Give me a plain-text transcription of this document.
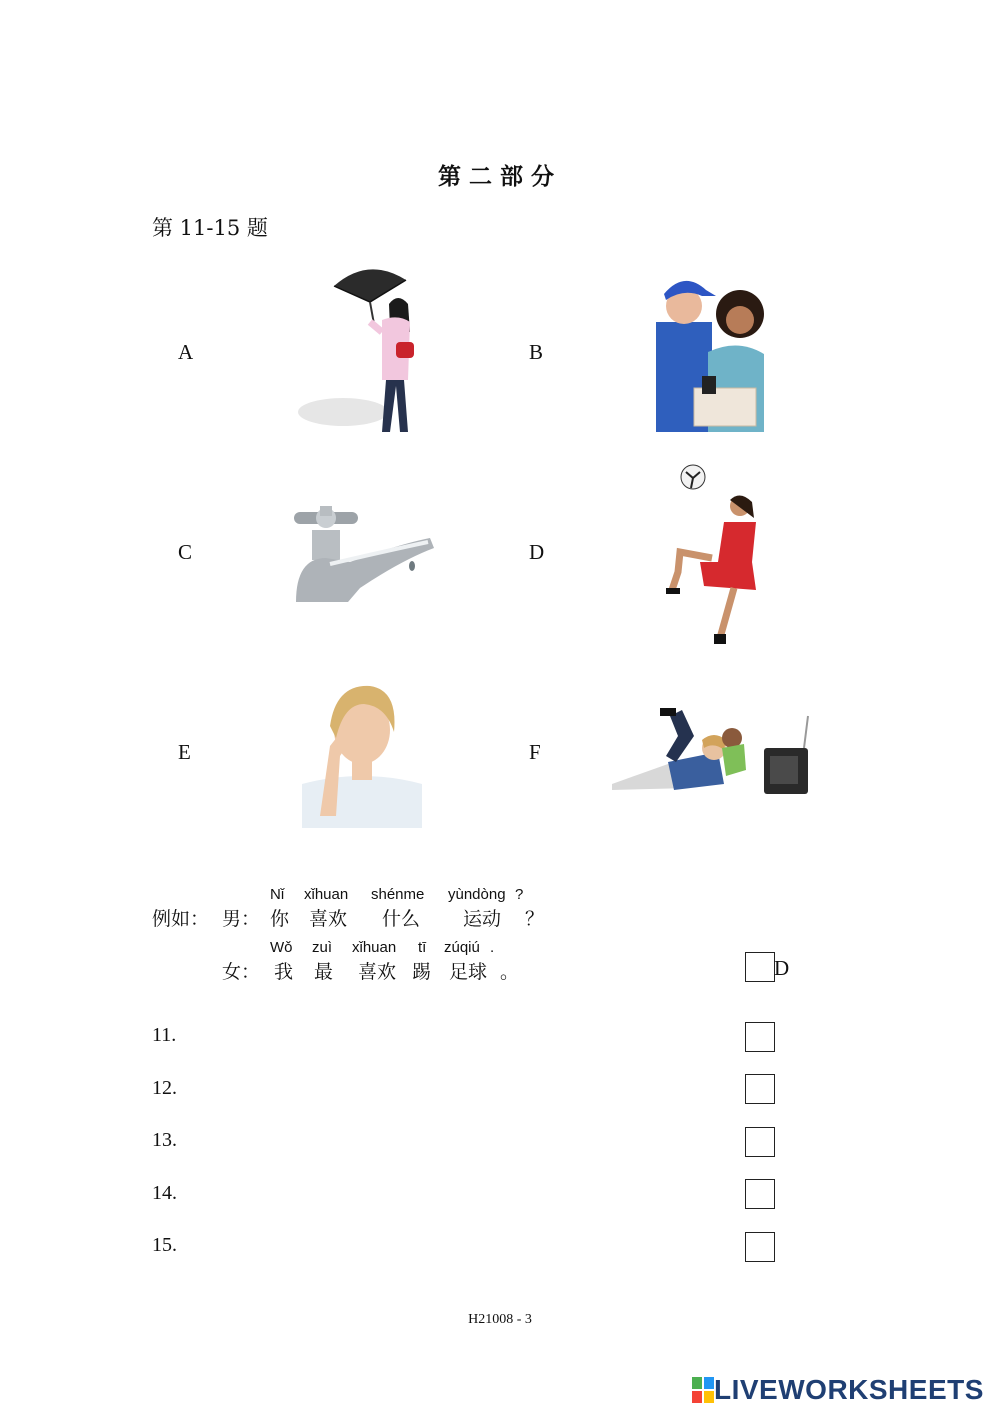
第二部分
第 11-15 题
A	B
C	D
E	F
例如： 男：
Nǐ xǐhuan shénme yùndòng ?
你 喜欢 什么 运动 ？
女：
Wǒ zuì xǐhuan tī zúqiú .
我 最 喜欢 踢 足球 。	D
11.
12.
13.
14.
15.
H21008 - 3
LIVEWORKSHEETS
